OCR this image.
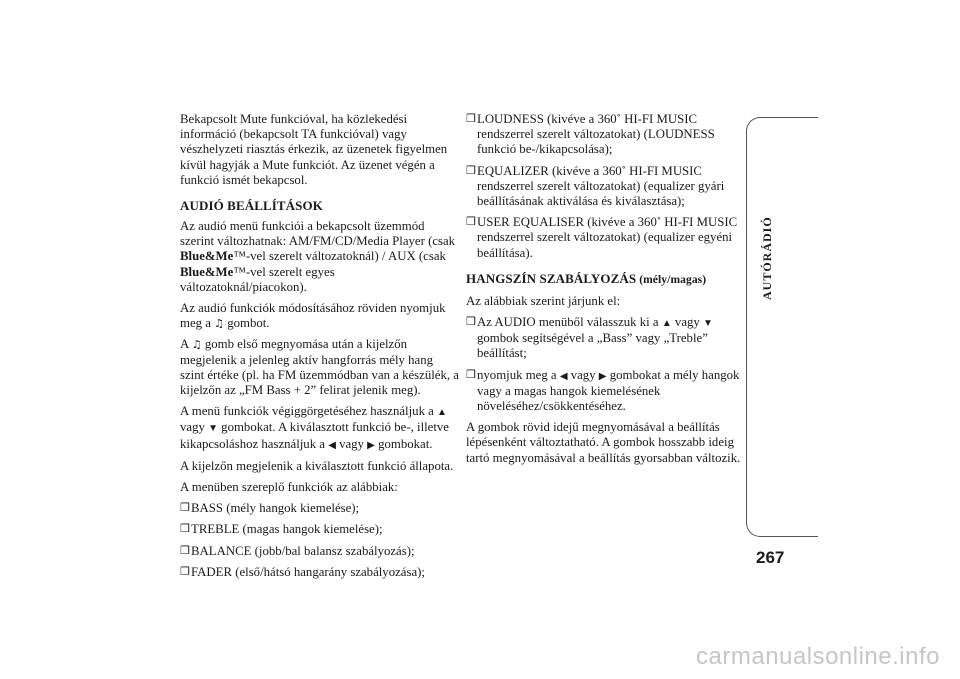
Bekapcsolt Mute funkcióval, ha közlekedési információ (bekapcsolt TA funkcióval) vagy vészhelyzeti riasztás érkezik, az üzenetek figyelmen kívül hagyják a Mute funkciót. Az üzenet végén a funkció ismét bekapcsol.

AUDIÓ BEÁLLÍTÁSOK

Az audió menü funkciói a bekapcsolt üzemmód szerint változhatnak: AM/FM/CD/Media Player (csak Blue&Me™-vel szerelt változatoknál) / AUX (csak Blue&Me™-vel szerelt egyes változatoknál/piacokon).

Az audió funkciók módosításához röviden nyomjuk meg a ♫ gombot.

A ♫ gomb első megnyomása után a kijelzőn megjelenik a jelenleg aktív hangforrás mély hang szint értéke (pl. ha FM üzemmódban van a készülék, a kijelzőn az „FM Bass + 2” felirat jelenik meg).

A menü funkciók végiggörgetéséhez használjuk a ▲ vagy ▼ gombokat. A kiválasztott funkció be-, illetve kikapcsoláshoz használjuk a ◀ vagy ▶ gombokat.

A kijelzőn megjelenik a kiválasztott funkció állapota.

A menüben szereplő funkciók az alábbiak:

❒ BASS (mély hangok kiemelése);
❒ TREBLE (magas hangok kiemelése);
❒ BALANCE (jobb/bal balansz szabályozás);
❒ FADER (első/hátsó hangarány szabályozása);
❒ LOUDNESS (kivéve a 360˚ HI-FI MUSIC rendszerrel szerelt változatokat) (LOUDNESS funkció be-/kikapcsolása);
❒ EQUALIZER (kivéve a 360˚ HI-FI MUSIC rendszerrel szerelt változatokat) (equalizer gyári beállításának aktiválása és kiválasztása);
❒ USER EQUALISER (kivéve a 360˚ HI-FI MUSIC rendszerrel szerelt változatokat) (equalizer egyéni beállítása).
HANGSZÍN SZABÁLYOZÁS (mély/magas)

Az alábbiak szerint járjunk el:

❒ Az AUDIO menüből válasszuk ki a ▲ vagy ▼ gombok segítségével a „Bass” vagy „Treble” beállítást;
❒ nyomjuk meg a ◀ vagy ▶ gombokat a mély hangok vagy a magas hangok kiemelésének növeléséhez/csökkentéséhez.

A gombok rövid idejű megnyomásával a beállítás lépésenként változtatható. A gombok hosszabb ideig tartó megnyomásával a beállítás gyorsabban változik.

AUTÓRÁDIÓ
267
carmanualsonline.info
